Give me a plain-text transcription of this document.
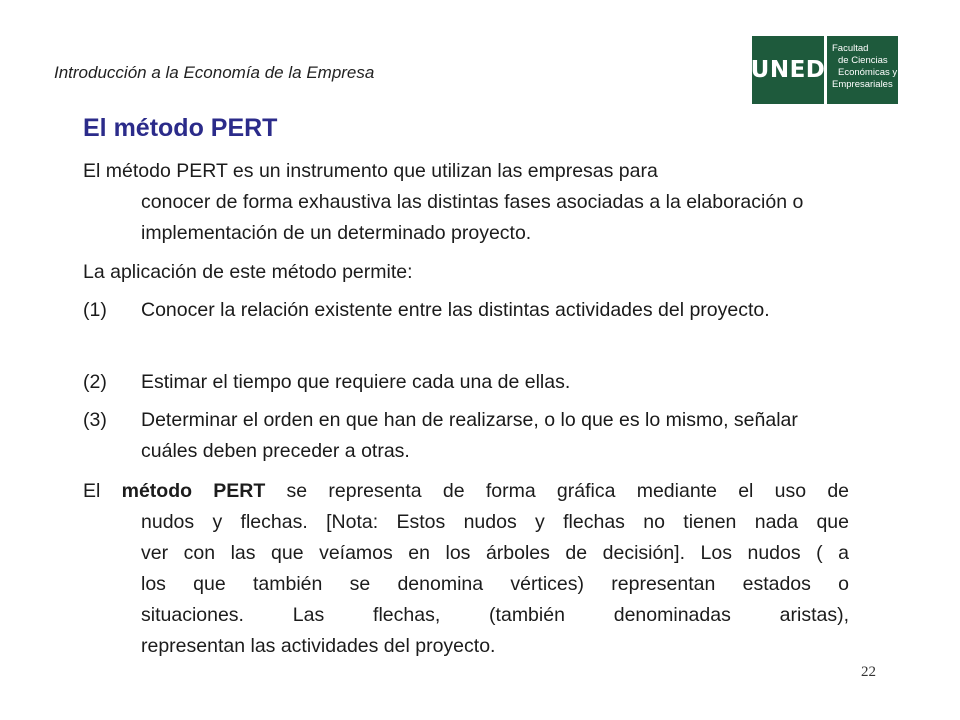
Introducción a la Economía de la Empresa	UNED
Facultad
de Ciencias
Económicas y
Empresariales
El método PERT

El método PERT es un instrumento que utilizan las empresas para
conocer de forma exhaustiva las distintas fases asociadas a la elaboración o implementación de un determinado proyecto.

La aplicación de este método permite:

(1)	Conocer la relación existente entre las distintas actividades del proyecto.
(2)	Estimar el tiempo que requiere cada una de ellas.
(3)	Determinar el orden en que han de realizarse, o lo que es lo mismo, señalar cuáles deben preceder a otras.
El método PERT se representa de forma gráfica mediante el uso de
nudos y flechas. [Nota: Estos nudos y flechas no tienen nada que
ver con las que veíamos en los árboles de decisión]. Los nudos ( a
los que también se denomina vértices) representan estados o
situaciones. Las flechas, (también denominadas aristas),
representan las actividades del proyecto.
22
